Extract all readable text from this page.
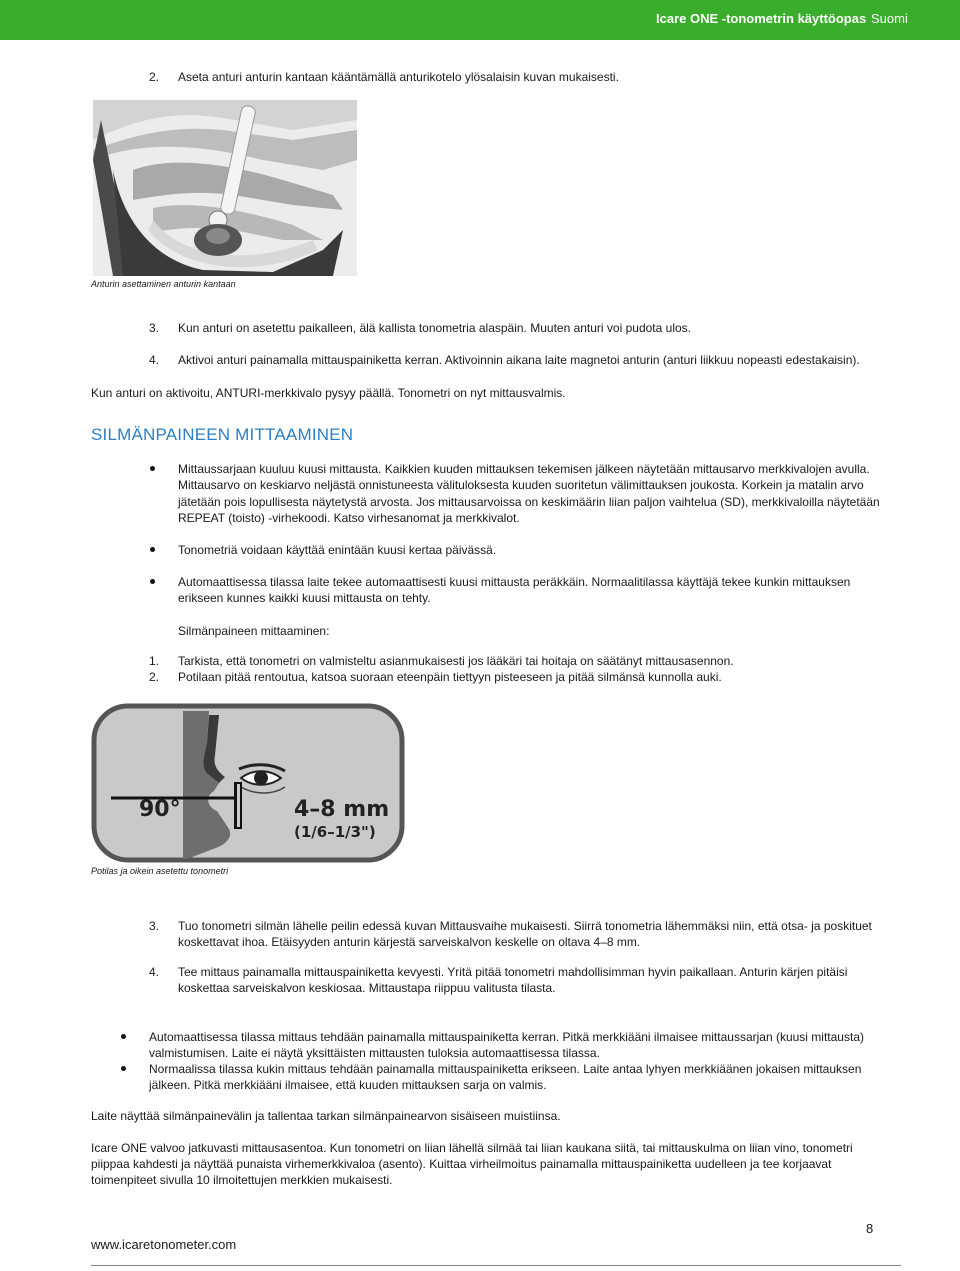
Icare ONE -tonometrin käyttöopas Suomi
2. Aseta anturi anturin kantaan kääntämällä anturikotelo ylösalaisin kuvan mukaisesti.
Anturin asettaminen anturin kantaan
3. Kun anturi on asetettu paikalleen, älä kallista tonometria alaspäin. Muuten anturi voi pudota ulos.
4. Aktivoi anturi painamalla mittauspainiketta kerran. Aktivoinnin aikana laite magnetoi anturin (anturi liikkuu nopeasti edestakaisin).
Kun anturi on aktivoitu, ANTURI-merkkivalo pysyy päällä. Tonometri on nyt mittausvalmis.
SILMÄNPAINEEN MITTAAMINEN
Mittaussarjaan kuuluu kuusi mittausta. Kaikkien kuuden mittauksen tekemisen jälkeen näytetään mittausarvo merkkivalojen avulla.
Mittausarvo on keskiarvo neljästä onnistuneesta välituloksesta kuuden suoritetun välimittauksen joukosta. Korkein ja matalin arvo
jätetään pois lopullisesta näytetystä arvosta. Jos mittausarvoissa on keskimäärin liian paljon vaihtelua (SD), merkkivaloilla näytetään
REPEAT (toisto) -virhekoodi. Katso virhesanomat ja merkkivalot.
Tonometriä voidaan käyttää enintään kuusi kertaa päivässä.
Automaattisessa tilassa laite tekee automaattisesti kuusi mittausta peräkkäin. Normaalitilassa käyttäjä tekee kunkin mittauksen
erikseen kunnes kaikki kuusi mittausta on tehty.
Silmänpaineen mittaaminen:
1. Tarkista, että tonometri on valmisteltu asianmukaisesti jos lääkäri tai hoitaja on säätänyt mittausasennon.
2. Potilaan pitää rentoutua, katsoa suoraan eteenpäin tiettyyn pisteeseen ja pitää silmänsä kunnolla auki.
90°	4–8 mm
(1/6–1/3")
Potilas ja oikein asetettu tonometri
3. Tuo tonometri silmän lähelle peilin edessä kuvan Mittausvaihe mukaisesti. Siirrä tonometria lähemmäksi niin, että otsa- ja poskituet
koskettavat ihoa. Etäisyyden anturin kärjestä sarveiskalvon keskelle on oltava 4–8 mm.
4. Tee mittaus painamalla mittauspainiketta kevyesti. Yritä pitää tonometri mahdollisimman hyvin paikallaan. Anturin kärjen pitäisi
koskettaa sarveiskalvon keskiosaa. Mittaustapa riippuu valitusta tilasta.
Automaattisessa tilassa mittaus tehdään painamalla mittauspainiketta kerran. Pitkä merkkiääni ilmaisee mittaussarjan (kuusi mittausta)
valmistumisen. Laite ei näytä yksittäisten mittausten tuloksia automaattisessa tilassa.
Normaalissa tilassa kukin mittaus tehdään painamalla mittauspainiketta erikseen. Laite antaa lyhyen merkkiäänen jokaisen mittauksen
jälkeen. Pitkä merkkiääni ilmaisee, että kuuden mittauksen sarja on valmis.
Laite näyttää silmänpainevälin ja tallentaa tarkan silmänpainearvon sisäiseen muistiinsa.
Icare ONE valvoo jatkuvasti mittausasentoa. Kun tonometri on liian lähellä silmää tai liian kaukana siitä, tai mittauskulma on liian vino, tonometri
piippaa kahdesti ja näyttää punaista virhemerkkivaloa (asento). Kuittaa virheilmoitus painamalla mittauspainiketta uudelleen ja tee korjaavat
toimenpiteet sivulla 10 ilmoitettujen merkkien mukaisesti.
8
www.icaretonometer.com
